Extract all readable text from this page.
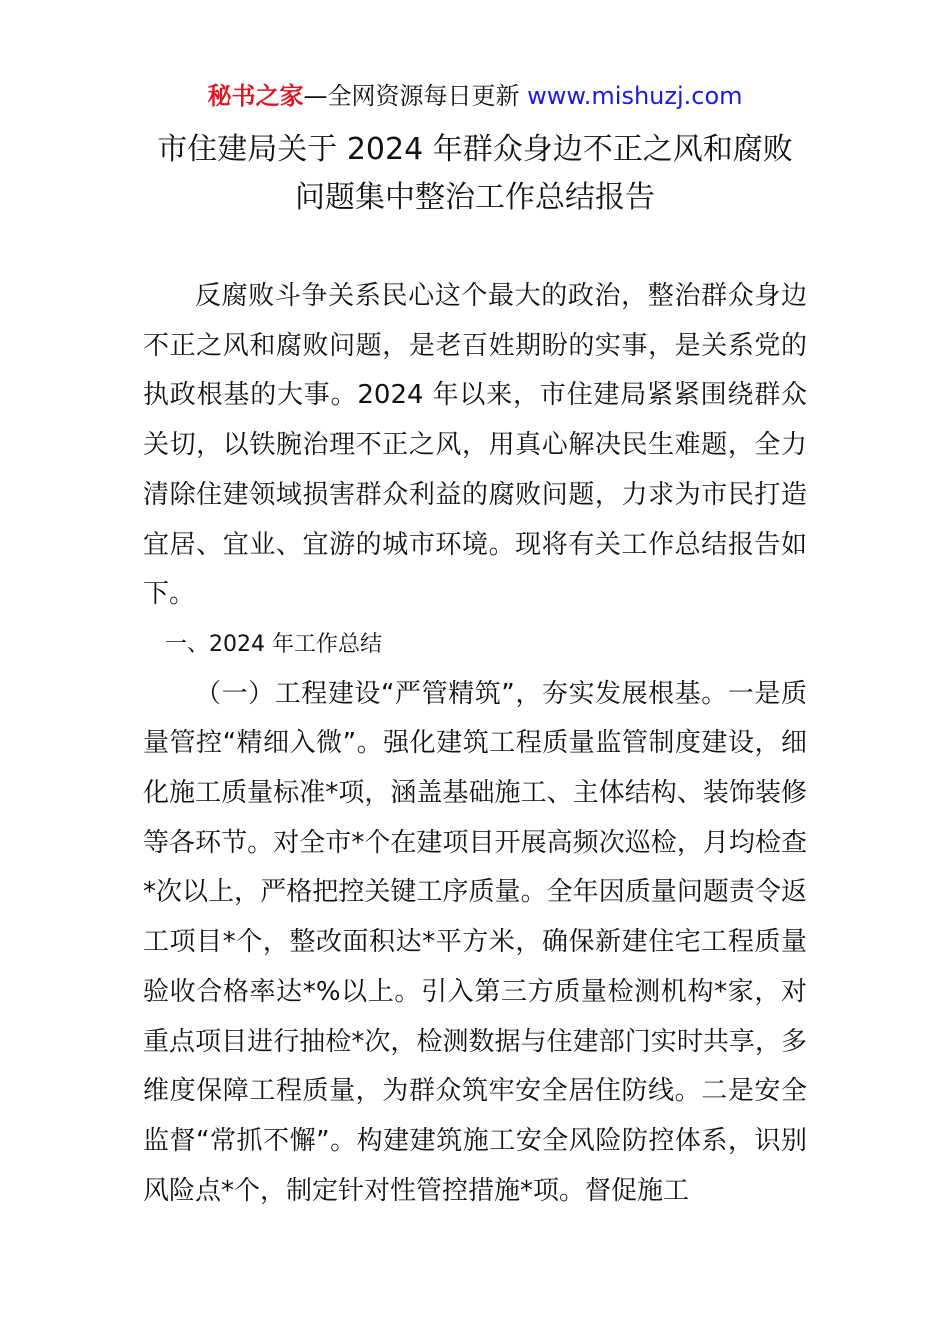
秘书之家—全网资源每日更新 www.mishuzj.com
市住建局关于 2024 年群众身边不正之风和腐败
问题集中整治工作总结报告

反腐败斗争关系民心这个最大的政治，整治群众身边不正之风和腐败问题，是老百姓期盼的实事，是关系党的执政根基的大事。2024 年以来，市住建局紧紧围绕群众关切，以铁腕治理不正之风，用真心解决民生难题，全力清除住建领域损害群众利益的腐败问题，力求为市民打造宜居、宜业、宜游的城市环境。现将有关工作总结报告如下。

一、2024 年工作总结

（一）工程建设“严管精筑”，夯实发展根基。一是质量管控“精细入微”。强化建筑工程质量监管制度建设，细化施工质量标准*项，涵盖基础施工、主体结构、装饰装修等各环节。对全市*个在建项目开展高频次巡检，月均检查*次以上，严格把控关键工序质量。全年因质量问题责令返工项目*个，整改面积达*平方米，确保新建住宅工程质量验收合格率达*%以上。引入第三方质量检测机构*家，对重点项目进行抽检*次，检测数据与住建部门实时共享，多维度保障工程质量，为群众筑牢安全居住防线。二是安全监督“常抓不懈”。构建建筑施工安全风险防控体系，识别风险点*个，制定针对性管控措施*项。督促施工
